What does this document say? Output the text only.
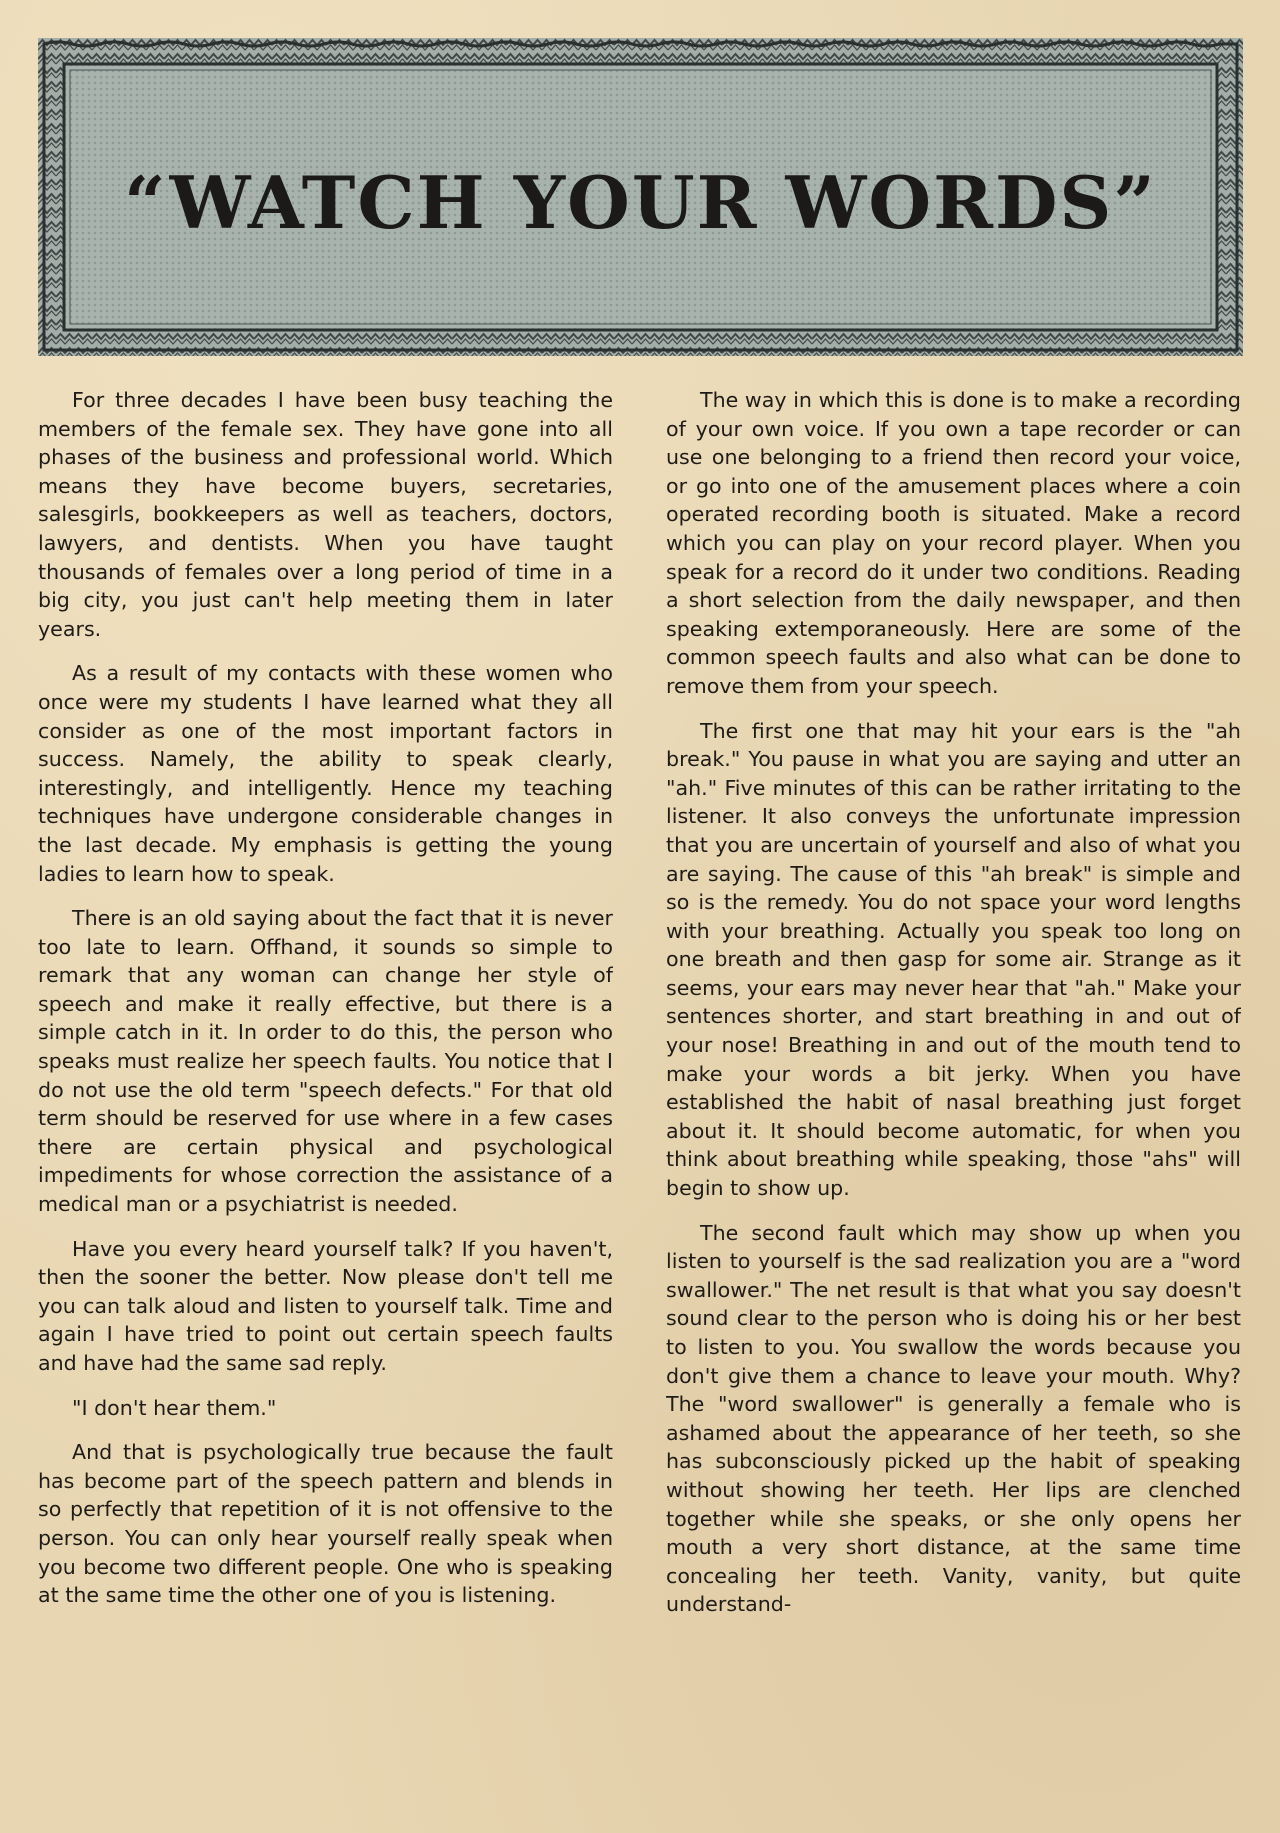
“WATCH YOUR WORDS”

For three decades I have been busy teaching the members of the female sex. They have gone into all phases of the business and professional world. Which means they have become buyers, secretaries, salesgirls, bookkeepers as well as teachers, doctors, lawyers, and dentists. When you have taught thousands of females over a long period of time in a big city, you just can't help meeting them in later years.

As a result of my contacts with these women who once were my students I have learned what they all consider as one of the most important factors in success. Namely, the ability to speak clearly, interestingly, and intelligently. Hence my teaching techniques have undergone considerable changes in the last decade. My emphasis is getting the young ladies to learn how to speak.

There is an old saying about the fact that it is never too late to learn. Offhand, it sounds so simple to remark that any woman can change her style of speech and make it really effective, but there is a simple catch in it. In order to do this, the person who speaks must realize her speech faults. You notice that I do not use the old term "speech defects." For that old term should be reserved for use where in a few cases there are certain physical and psychological impediments for whose correction the assistance of a medical man or a psychiatrist is needed.

Have you every heard yourself talk? If you haven't, then the sooner the better. Now please don't tell me you can talk aloud and listen to yourself talk. Time and again I have tried to point out certain speech faults and have had the same sad reply.

"I don't hear them."

And that is psychologically true because the fault has become part of the speech pattern and blends in so perfectly that repetition of it is not offensive to the person. You can only hear yourself really speak when you become two different people. One who is speaking at the same time the other one of you is listening.

The way in which this is done is to make a recording of your own voice. If you own a tape recorder or can use one belonging to a friend then record your voice, or go into one of the amusement places where a coin operated recording booth is situated. Make a record which you can play on your record player. When you speak for a record do it under two conditions. Reading a short selection from the daily newspaper, and then speaking extemporaneously. Here are some of the common speech faults and also what can be done to remove them from your speech.

The first one that may hit your ears is the "ah break." You pause in what you are saying and utter an "ah." Five minutes of this can be rather irritating to the listener. It also conveys the unfortunate impression that you are uncertain of yourself and also of what you are saying. The cause of this "ah break" is simple and so is the remedy. You do not space your word lengths with your breathing. Actually you speak too long on one breath and then gasp for some air. Strange as it seems, your ears may never hear that "ah." Make your sentences shorter, and start breathing in and out of your nose! Breathing in and out of the mouth tend to make your words a bit jerky. When you have established the habit of nasal breathing just forget about it. It should become automatic, for when you think about breathing while speaking, those "ahs" will begin to show up.

The second fault which may show up when you listen to yourself is the sad realization you are a "word swallower." The net result is that what you say doesn't sound clear to the person who is doing his or her best to listen to you. You swallow the words because you don't give them a chance to leave your mouth. Why? The "word swallower" is generally a female who is ashamed about the appearance of her teeth, so she has subconsciously picked up the habit of speaking without showing her teeth. Her lips are clenched together while she speaks, or she only opens her mouth a very short distance, at the same time concealing her teeth. Vanity, vanity, but quite understand-
